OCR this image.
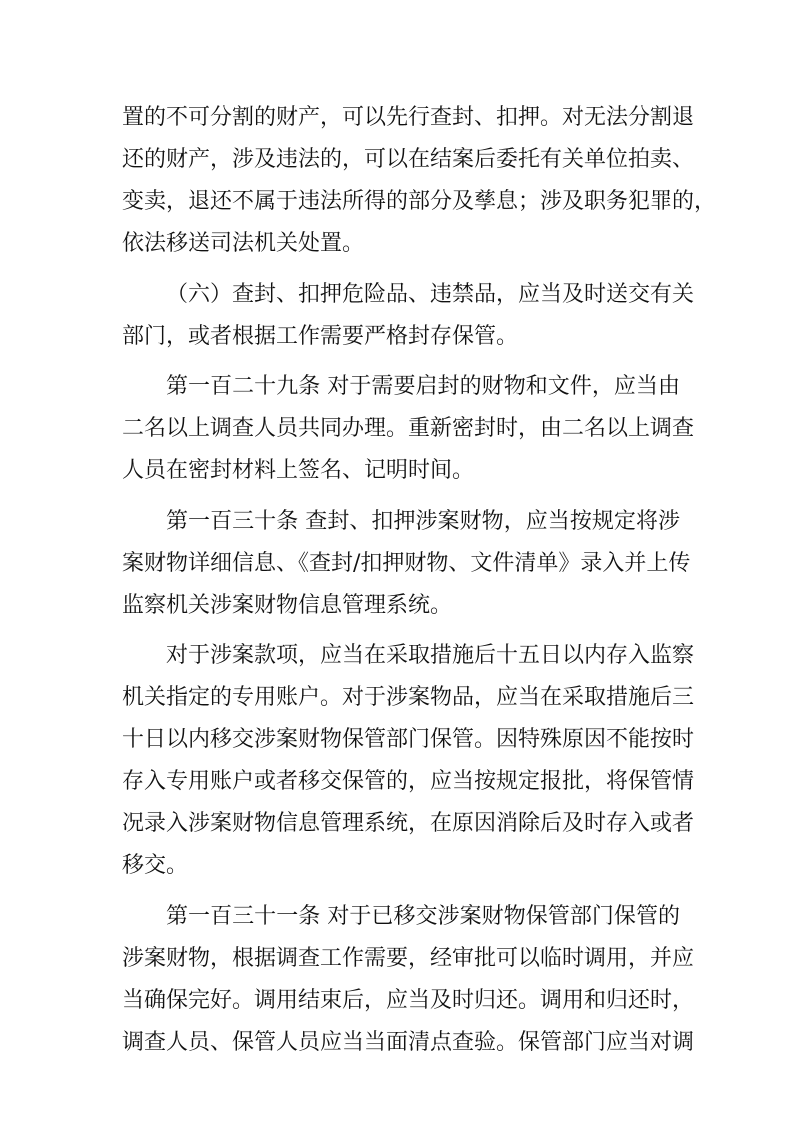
置的不可分割的财产，可以先行查封、扣押。对无法分割退
还的财产，涉及违法的，可以在结案后委托有关单位拍卖、
变卖，退还不属于违法所得的部分及孳息；涉及职务犯罪的，
依法移送司法机关处置。
（六）查封、扣押危险品、违禁品，应当及时送交有关
部门，或者根据工作需要严格封存保管。
第一百二十九条 对于需要启封的财物和文件，应当由
二名以上调查人员共同办理。重新密封时，由二名以上调查
人员在密封材料上签名、记明时间。
第一百三十条 查封、扣押涉案财物，应当按规定将涉
案财物详细信息、《查封/扣押财物、文件清单》录入并上传
监察机关涉案财物信息管理系统。
对于涉案款项，应当在采取措施后十五日以内存入监察
机关指定的专用账户。对于涉案物品，应当在采取措施后三
十日以内移交涉案财物保管部门保管。因特殊原因不能按时
存入专用账户或者移交保管的，应当按规定报批，将保管情
况录入涉案财物信息管理系统，在原因消除后及时存入或者
移交。
第一百三十一条 对于已移交涉案财物保管部门保管的
涉案财物，根据调查工作需要，经审批可以临时调用，并应
当确保完好。调用结束后，应当及时归还。调用和归还时，
调查人员、保管人员应当当面清点查验。保管部门应当对调
